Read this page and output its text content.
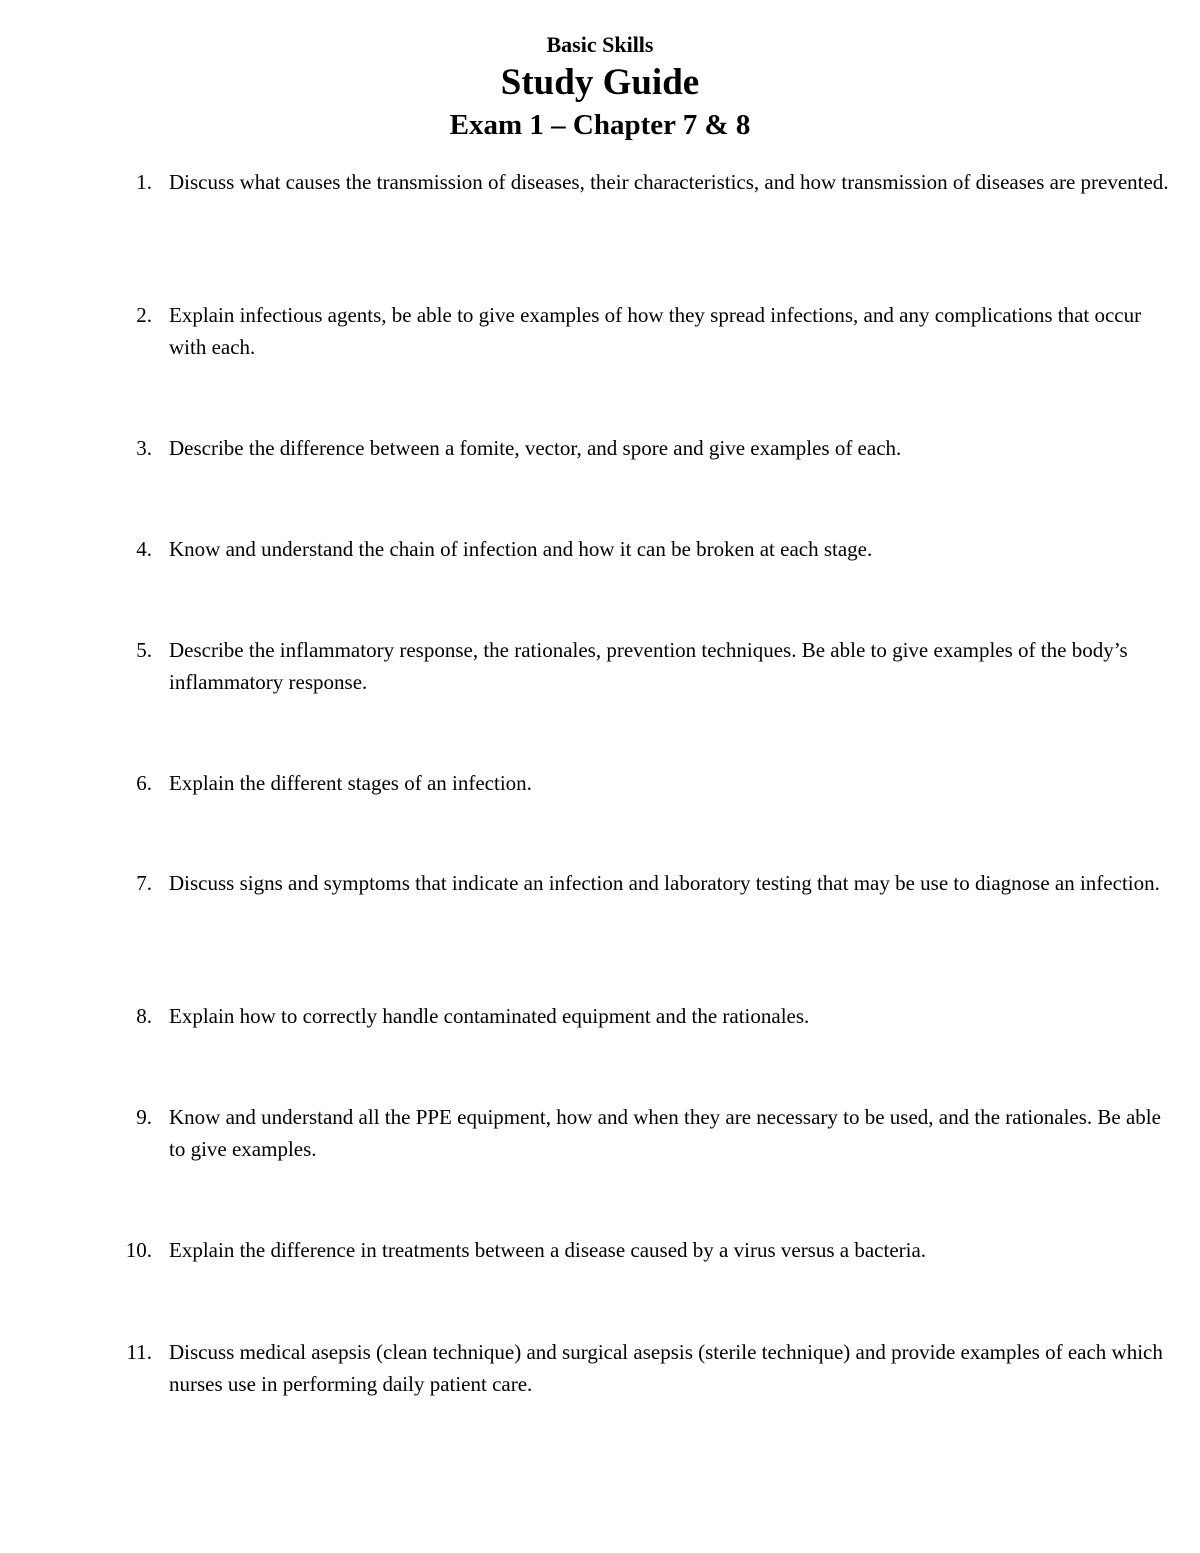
Basic Skills
Study Guide
Exam 1 – Chapter 7 & 8
1. Discuss what causes the transmission of diseases, their characteristics, and how transmission of diseases are prevented.
2. Explain infectious agents, be able to give examples of how they spread infections, and any complications that occur with each.
3. Describe the difference between a fomite, vector, and spore and give examples of each.
4. Know and understand the chain of infection and how it can be broken at each stage.
5. Describe the inflammatory response, the rationales, prevention techniques. Be able to give examples of the body’s inflammatory response.
6. Explain the different stages of an infection.
7. Discuss signs and symptoms that indicate an infection and laboratory testing that may be use to diagnose an infection.
8. Explain how to correctly handle contaminated equipment and the rationales.
9. Know and understand all the PPE equipment, how and when they are necessary to be used, and the rationales. Be able to give examples.
10. Explain the difference in treatments between a disease caused by a virus versus a bacteria.
11. Discuss medical asepsis (clean technique) and surgical asepsis (sterile technique) and provide examples of each which nurses use in performing daily patient care.
